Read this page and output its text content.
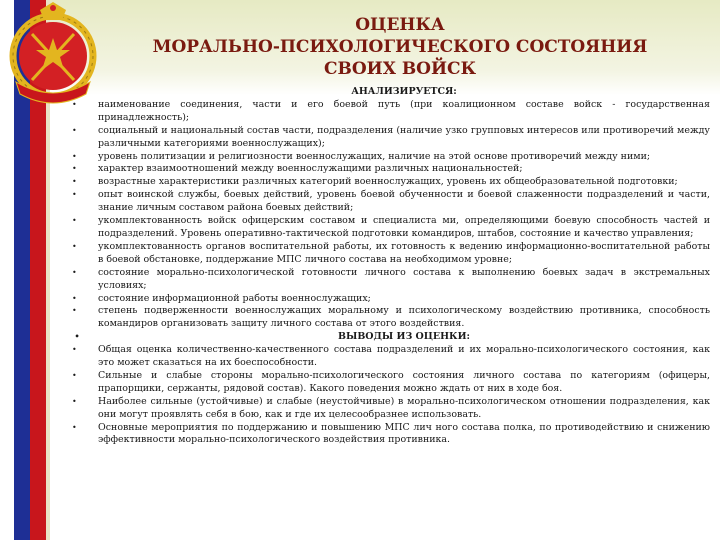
ОЦЕНКА
МОРАЛЬНО-ПСИХОЛОГИЧЕСКОГО СОСТОЯНИЯ
СВОИХ ВОЙСК
АНАЛИЗИРУЕТСЯ:
•	наименование соединения, части и его боевой путь (при коалиционном составе войск - государственная принадлежность);
•	социальный и национальный состав части, подразделения (наличие узко групповых интересов или противоречий между различными категориями военнослужащих);
•	уровень политизации и религиозности военнослужащих, наличие на этой основе противоречий между ними;
•	характер взаимоотношений между военнослужащими различных национальностей;
•	возрастные характеристики различных категорий военнослужащих, уровень их общеобразовательной подготовки;
•	опыт воинской службы, боевых действий, уровень боевой обученности и боевой слаженности подразделений и части, знание личным составом района боевых действий;
•	укомплектованность войск офицерским составом и специалиста ми, определяющими боевую способность частей и подразделений. Уровень оперативно-тактической подготовки командиров, штабов, состояние и качество управления;
•	укомплектованность органов воспитательной работы, их готовность к ведению информационно-воспитательной работы в боевой обстановке, поддержание МПС личного состава на необходимом уровне;
•	состояние морально-психологической готовности личного состава к выполнению боевых задач в экстремальных условиях;
•	состояние информационной работы военнослужащих;
•	степень подверженности военнослужащих моральному и психологическому воздействию противника, способность командиров организовать защиту личного состава от этого воздействия.
•	ВЫВОДЫ ИЗ ОЦЕНКИ:
•	Общая оценка количественно-качественного состава подразделений и их морально-психологического состояния, как это может сказаться на их боеспособности.
•	Сильные и слабые стороны морально-психологического состояния личного состава по категориям (офицеры, прапорщики, сержанты, рядовой состав). Какого поведения можно ждать от них в ходе боя.
•	Наиболее сильные (устойчивые) и слабые (неустойчивые) в морально-психологическом отношении подразделения, как они могут проявлять себя в бою, как и где их целесообразнее использовать.
•	Основные мероприятия по поддержанию и повышению МПС лич ного состава полка, по противодействию и снижению эффективности морально-психологического воздействия противника.
